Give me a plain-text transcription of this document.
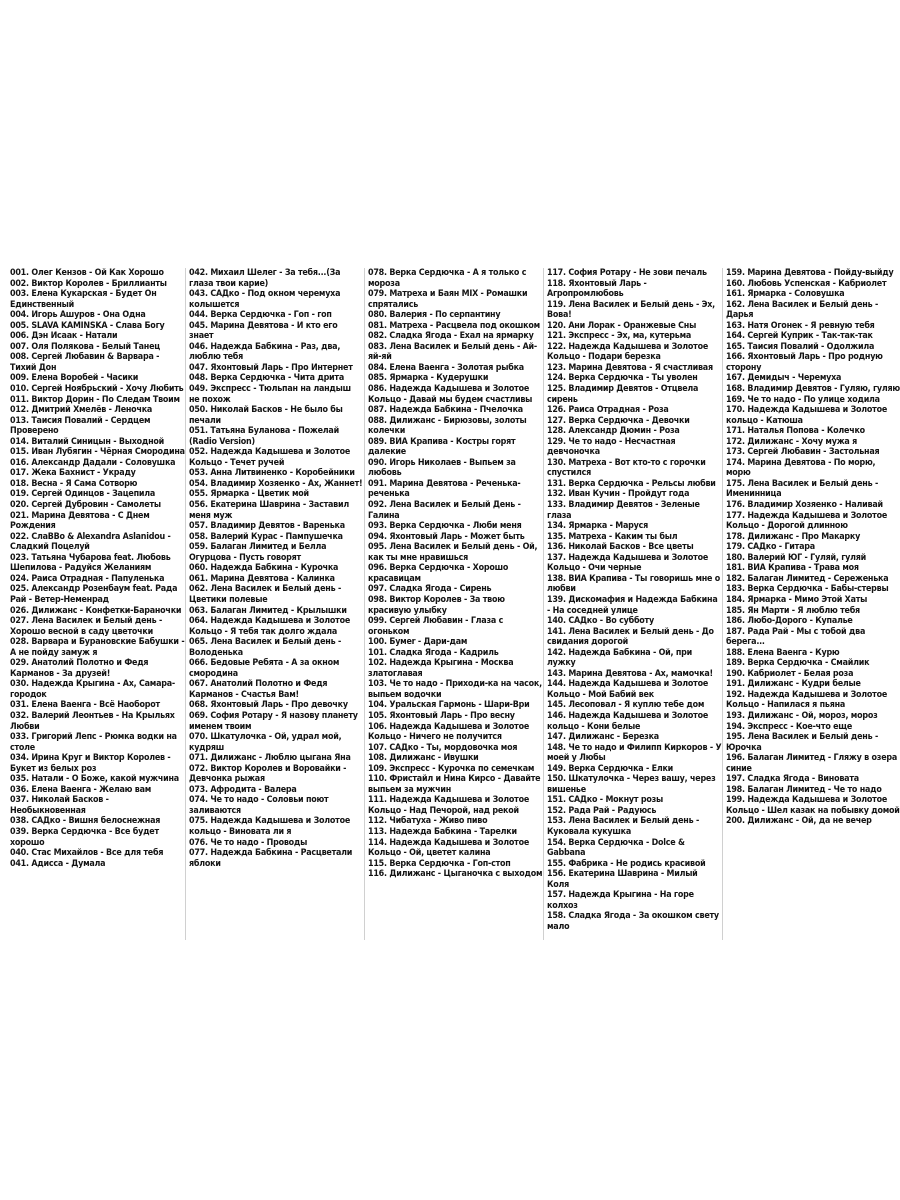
001. Олег Кензов - Ой Как Хорошо
002. Виктор Королев - Бриллианты
003. Елена Кукарская - Будет Он Единственный
004. Игорь Ашуров - Она Одна
005. SLAVA KAMINSKA - Слава Богу
006. Дэн Исаак - Натали
007. Оля Полякова - Белый Танец
008. Сергей Любавин & Варвара - Тихий Дон
009. Елена Воробей - Часики
010. Сергей Ноябрьский - Хочу Любить
011. Виктор Дорин - По Следам Твоим
012. Дмитрий Хмелёв - Леночка
013. Таисия Повалий - Сердцем Проверено
014. Виталий Синицын - Выходной
015. Иван Лубягин - Чёрная Смородина
016. Александр Дадали - Соловушка
017. Жека Бахнист - Украду
018. Весна - Я Сама Сотворю
019. Сергей Одинцов - Зацепила
020. Сергей Дубровин - Самолеты
021. Марина Девятова - С Днем Рождения
022. СлаВВо & Alexandra Aslanidou - Сладкий Поцелуй
023. Татьяна Чубарова feat. Любовь Шепилова - Радуйся Желаниям
024. Раиса Отрадная - Папуленька
025. Александр Розенбаум feat. Рада Рай - Ветер-Неменрад
026. Дилижанс - Конфетки-Бараночки
027. Лена Василек и Белый день - Хорошо весной в саду цветочки
028. Варвара и Бурановские Бабушки - А не пойду замуж я
029. Анатолий Полотно и Федя Карманов - За друзей!
030. Надежда Крыгина - Ах, Самара-городок
031. Елена Ваенга - Всё Наоборот
032. Валерий Леонтьев - На Крыльях Любви
033. Григорий Лепс - Рюмка водки на столе
034. Ирина Круг и Виктор Королев - Букет из белых роз
035. Натали - О Боже, какой мужчина
036. Елена Ваенга - Желаю вам
037. Николай Басков - Необыкновенная
038. САДко - Вишня белоснежная
039. Верка Сердючка - Все будет хорошо
040. Стас Михайлов - Все для тебя
041. Адисса - Думала
042. Михаил Шелег - За тебя...(За глаза твои карие)
043. САДко - Под окном черемуха колышется
044. Верка Сердючка - Гоп - гоп
045. Марина Девятова - И кто его знает
046. Надежда Бабкина - Раз, два, люблю тебя
047. Яхонтовый Ларь - Про Интернет
048. Верка Сердючка - Чита дрита
049. Экспресс - Тюльпан на ландыш не похож
050. Николай Басков - Не было бы печали
051. Татьяна Буланова - Пожелай (Radio Version)
052. Надежда Кадышева и Золотое Кольцо - Течет ручей
053. Анна Литвиненко - Коробейники
054. Владимир Хозяенко - Ах, Жаннет!
055. Ярмарка - Цветик мой
056. Екатерина Шаврина - Заставил меня муж
057. Владимир Девятов - Варенька
058. Валерий Курас - Пампушечка
059. Балаган Лимитед и Белла Огурцова - Пусть говорят
060. Надежда Бабкина - Курочка
061. Марина Девятова - Калинка
062. Лена Василек и Белый день - Цветики полевые
063. Балаган Лимитед - Крылышки
064. Надежда Кадышева и Золотое Кольцо - Я тебя так долго ждала
065. Лена Василек и Белый день - Володенька
066. Бедовые Ребята - А за окном смородина
067. Анатолий Полотно и Федя Карманов - Счастья Вам!
068. Яхонтовый Ларь - Про девочку
069. София Ротару - Я назову планету именем твоим
070. Шкатулочка - Ой, удрал мой, кудряш
071. Дилижанс - Люблю цыгана Яна
072. Виктор Королев и Воровайки - Девчонка рыжая
073. Афродита - Валера
074. Че то надо - Соловьи поют заливаются
075. Надежда Кадышева и Золотое кольцо - Виновата ли я
076. Че то надо - Проводы
077. Надежда Бабкина - Расцветали яблоки
078. Верка Сердючка - А я только с мороза
079. Матреха и Баян MIX - Ромашки спрятались
080. Валерия - По серпантину
081. Матреха - Расцвела под окошком
082. Сладка Ягода - Ехал на ярмарку
083. Лена Василек и Белый день - Ай-яй-яй
084. Елена Ваенга - Золотая рыбка
085. Ярмарка - Кудерушки
086. Надежда Кадышева и Золотое Кольцо - Давай мы будем счастливы
087. Надежда Бабкина - Пчелочка
088. Дилижанс - Бирюзовы, золоты колечки
089. ВИА Крапива - Костры горят далекие
090. Игорь Николаев - Выпьем за любовь
091. Марина Девятова - Реченька-реченька
092. Лена Василек и Белый День - Галина
093. Верка Сердючка - Люби меня
094. Яхонтовый Ларь - Может быть
095. Лена Василек и Белый день - Ой, как ты мне нравишься
096. Верка Сердючка - Хорошо красавицам
097. Сладка Ягода - Сирень
098. Виктор Королев - За твою красивую улыбку
099. Сергей Любавин - Глаза с огоньком
100. Бумеr - Дари-дам
101. Сладка Ягода - Кадриль
102. Надежда Крыгина - Москва златоглавая
103. Че то надо - Приходи-ка на часок, выпьем водочки
104. Уральская Гармонь - Шари-Ври
105. Яхонтовый Ларь - Про весну
106. Надежда Кадышева и Золотое Кольцо - Ничего не получится
107. САДко - Ты, мордовочка моя
108. Дилижанс - Ивушки
109. Экспресс - Курочка по семечкам
110. Фристайл и Нина Кирсо - Давайте выпьем за мужчин
111. Надежда Кадышева и Золотое Кольцо - Над Печорой, над рекой
112. Чибатуха - Живо пиво
113. Надежда Бабкина - Тарелки
114. Надежда Кадышева и Золотое Кольцо - Ой, цветет калина
115. Верка Сердючка - Гоп-стоп
116. Дилижанс - Цыганочка с выходом
117. София Ротару - Не зови печаль
118. Яхонтовый Ларь - Агропромлюбовь
119. Лена Василек и Белый день - Эх, Вова!
120. Ани Лорак - Оранжевые Сны
121. Экспресс - Эх, ма, кутерьма
122. Надежда Кадышева и Золотое Кольцо - Подари березка
123. Марина Девятова - Я счастливая
124. Верка Сердючка - Ты уволен
125. Владимир Девятов - Отцвела сирень
126. Раиса Отрадная - Роза
127. Верка Сердючка - Девочки
128. Александр Дюмин - Роза
129. Че то надо - Несчастная девчоночка
130. Матреха - Вот кто-то с горочки спустился
131. Верка Сердючка - Рельсы любви
132. Иван Кучин - Пройдут года
133. Владимир Девятов - Зеленые глаза
134. Ярмарка - Маруся
135. Матреха - Каким ты был
136. Николай Басков - Все цветы
137. Надежда Кадышева и Золотое Кольцо - Очи черные
138. ВИА Крапива - Ты говоришь мне о любви
139. Дискомафия и Надежда Бабкина - На соседней улице
140. САДко - Во субботу
141. Лена Василек и Белый день - До свидания дорогой
142. Надежда Бабкина - Ой, при лужку
143. Марина Девятова - Ах, мамочка!
144. Надежда Кадышева и Золотое Кольцо - Мой Бабий век
145. Лесоповал - Я куплю тебе дом
146. Надежда Кадышева и Золотое кольцо - Кони белые
147. Дилижанс - Березка
148. Че то надо и Филипп Киркоров - У моей у Любы
149. Верка Сердючка - Елки
150. Шкатулочка - Через вашу, через вишенье
151. САДко - Мокнут розы
152. Рада Рай - Радуюсь
153. Лена Василек и Белый день - Куковала кукушка
154. Верка Сердючка - Dolce & Gabbana
155. Фабрика - Не родись красивой
156. Екатерина Шаврина - Милый Коля
157. Надежда Крыгина - На горе колхоз
158. Сладка Ягода - За окошком свету мало
159. Марина Девятова - Пойду-выйду
160. Любовь Успенская - Кабриолет
161. Ярмарка - Соловушка
162. Лена Василек и Белый день - Дарья
163. Натя Огонек - Я ревную тебя
164. Сергей Куприк - Так-так-так
165. Таисия Повалий - Одолжила
166. Яхонтовый Ларь - Про родную сторону
167. Демидыч - Черемуха
168. Владимир Девятов - Гуляю, гуляю
169. Че то надо - По улице ходила
170. Надежда Кадышева и Золотое кольцо - Катюша
171. Наталья Попова - Колечко
172. Дилижанс - Хочу мужа я
173. Сергей Любавин - Застольная
174. Марина Девятова - По морю, морю
175. Лена Василек и Белый день - Именинница
176. Владимир Хозяенко - Наливай
177. Надежда Кадышева и Золотое Кольцо - Дорогой длинною
178. Дилижанс - Про Макарку
179. САДко - Гитара
180. Валерий ЮГ - Гуляй, гуляй
181. ВИА Крапива - Трава моя
182. Балаган Лимитед - Сереженька
183. Верка Сердючка - Бабы-стервы
184. Ярмарка - Мимо Этой Хаты
185. Ян Марти - Я люблю тебя
186. Любо-Дорого - Купалье
187. Рада Рай - Мы с тобой два берега...
188. Елена Ваенга - Курю
189. Верка Сердючка - Смайлик
190. Кабриолет - Белая роза
191. Дилижанс - Кудри белые
192. Надежда Кадышева и Золотое Кольцо - Напилася я пьяна
193. Дилижанс - Ой, мороз, мороз
194. Экспресс - Кое-что еще
195. Лена Василек и Белый день - Юрочка
196. Балаган Лимитед - Гляжу в озера синие
197. Сладка Ягода - Виновата
198. Балаган Лимитед - Че то надо
199. Надежда Кадышева и Золотое Кольцо - Шел казак на побывку домой
200. Дилижанс - Ой, да не вечер
